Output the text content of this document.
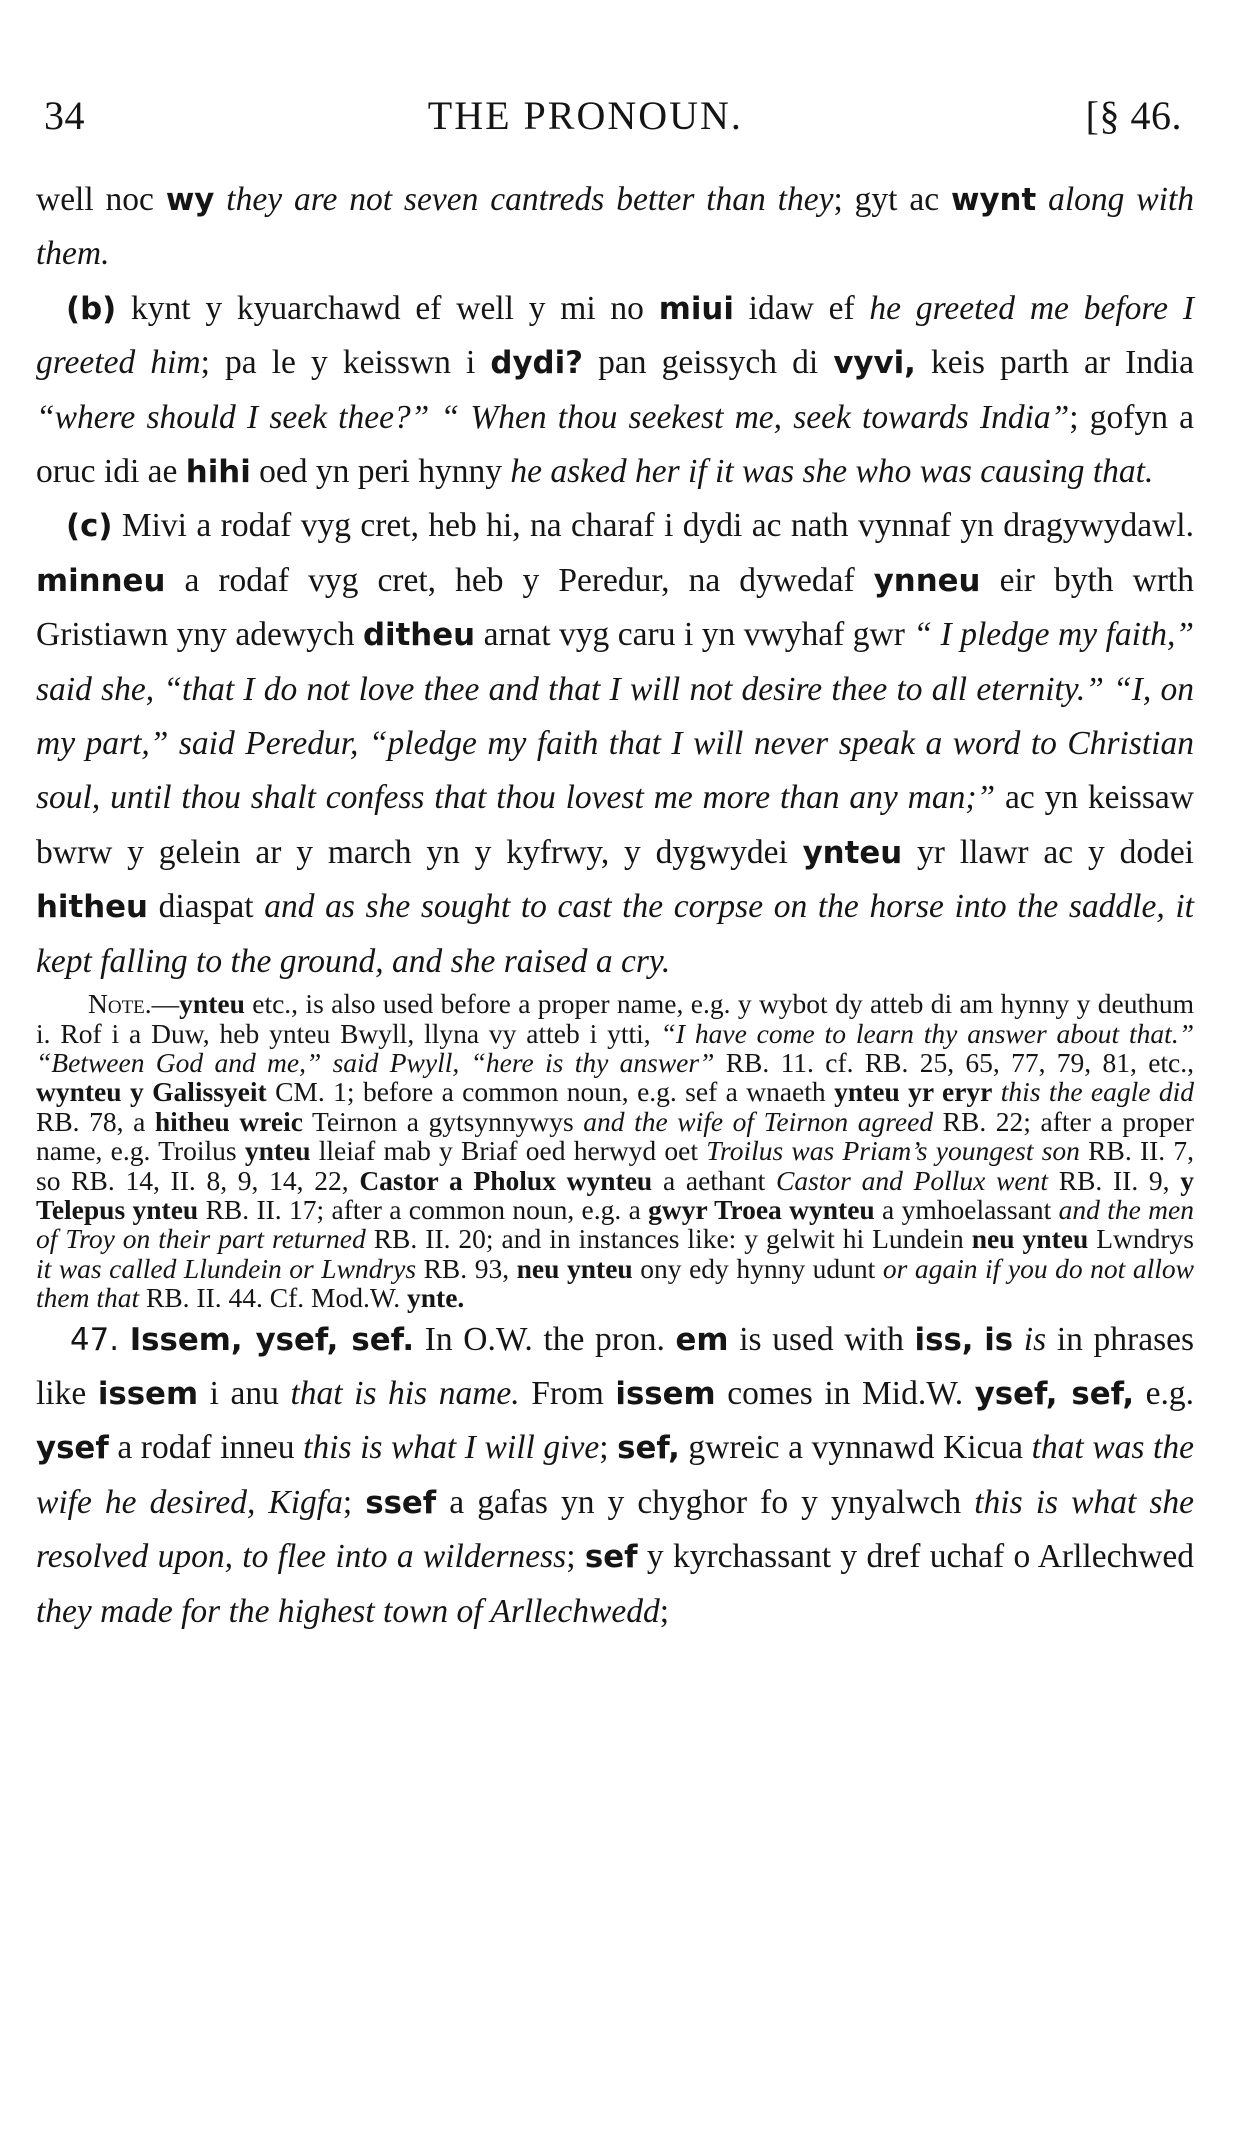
34	THE PRONOUN.	[§ 46.

well noc wy they are not seven cantreds better than they; gyt ac wynt along with them.

(b) kynt y kyuarchawd ef well y mi no miui idaw ef he greeted me before I greeted him; pa le y keisswn i dydi? pan geissych di vyvi, keis parth ar India “where should I seek thee?” “ When thou seekest me, seek towards India”; gofyn a oruc idi ae hihi oed yn peri hynny he asked her if it was she who was causing that.

(c) Mivi a rodaf vyg cret, heb hi, na charaf i dydi ac nath vynnaf yn dragywydawl. minneu a rodaf vyg cret, heb y Peredur, na dywedaf ynneu eir byth wrth Gristiawn yny adewych ditheu arnat vyg caru i yn vwyhaf gwr “ I pledge my faith,” said she, “that I do not love thee and that I will not desire thee to all eternity.” “I, on my part,” said Peredur, “pledge my faith that I will never speak a word to Christian soul, until thou shalt confess that thou lovest me more than any man;” ac yn keissaw bwrw y gelein ar y march yn y kyfrwy, y dygwydei ynteu yr llawr ac y dodei hitheu diaspat and as she sought to cast the corpse on the horse into the saddle, it kept falling to the ground, and she raised a cry.

Note.—ynteu etc., is also used before a proper name, e.g. y wybot dy atteb di am hynny y deuthum i. Rof i a Duw, heb ynteu Bwyll, llyna vy atteb i ytti, “I have come to learn thy answer about that.” “Between God and me,” said Pwyll, “here is thy answer” RB. 11. cf. RB. 25, 65, 77, 79, 81, etc., wynteu y Galissyeit CM. 1; before a common noun, e.g. sef a wnaeth ynteu yr eryr this the eagle did RB. 78, a hitheu wreic Teirnon a gytsynnywys and the wife of Teirnon agreed RB. 22; after a proper name, e.g. Troilus ynteu lleiaf mab y Briaf oed herwyd oet Troilus was Priam’s youngest son RB. II. 7, so RB. 14, II. 8, 9, 14, 22, Castor a Pholux wynteu a aethant Castor and Pollux went RB. II. 9, y Telepus ynteu RB. II. 17; after a common noun, e.g. a gwyr Troea wynteu a ymhoelassant and the men of Troy on their part returned RB. II. 20; and in instances like: y gelwit hi Lundein neu ynteu Lwndrys it was called Llundein or Lwndrys RB. 93, neu ynteu ony edy hynny udunt or again if you do not allow them that RB. II. 44. Cf. Mod.W. ynte.

47. Issem, ysef, sef. In O.W. the pron. em is used with iss, is is in phrases like issem i anu that is his name. From issem comes in Mid.W. ysef, sef, e.g. ysef a rodaf inneu this is what I will give; sef, gwreic a vynnawd Kicua that was the wife he desired, Kigfa; ssef a gafas yn y chyghor fo y ynyalwch this is what she resolved upon, to flee into a wilderness; sef y kyrchassant y dref uchaf o Arllechwed they made for the highest town of Arllechwedd;
